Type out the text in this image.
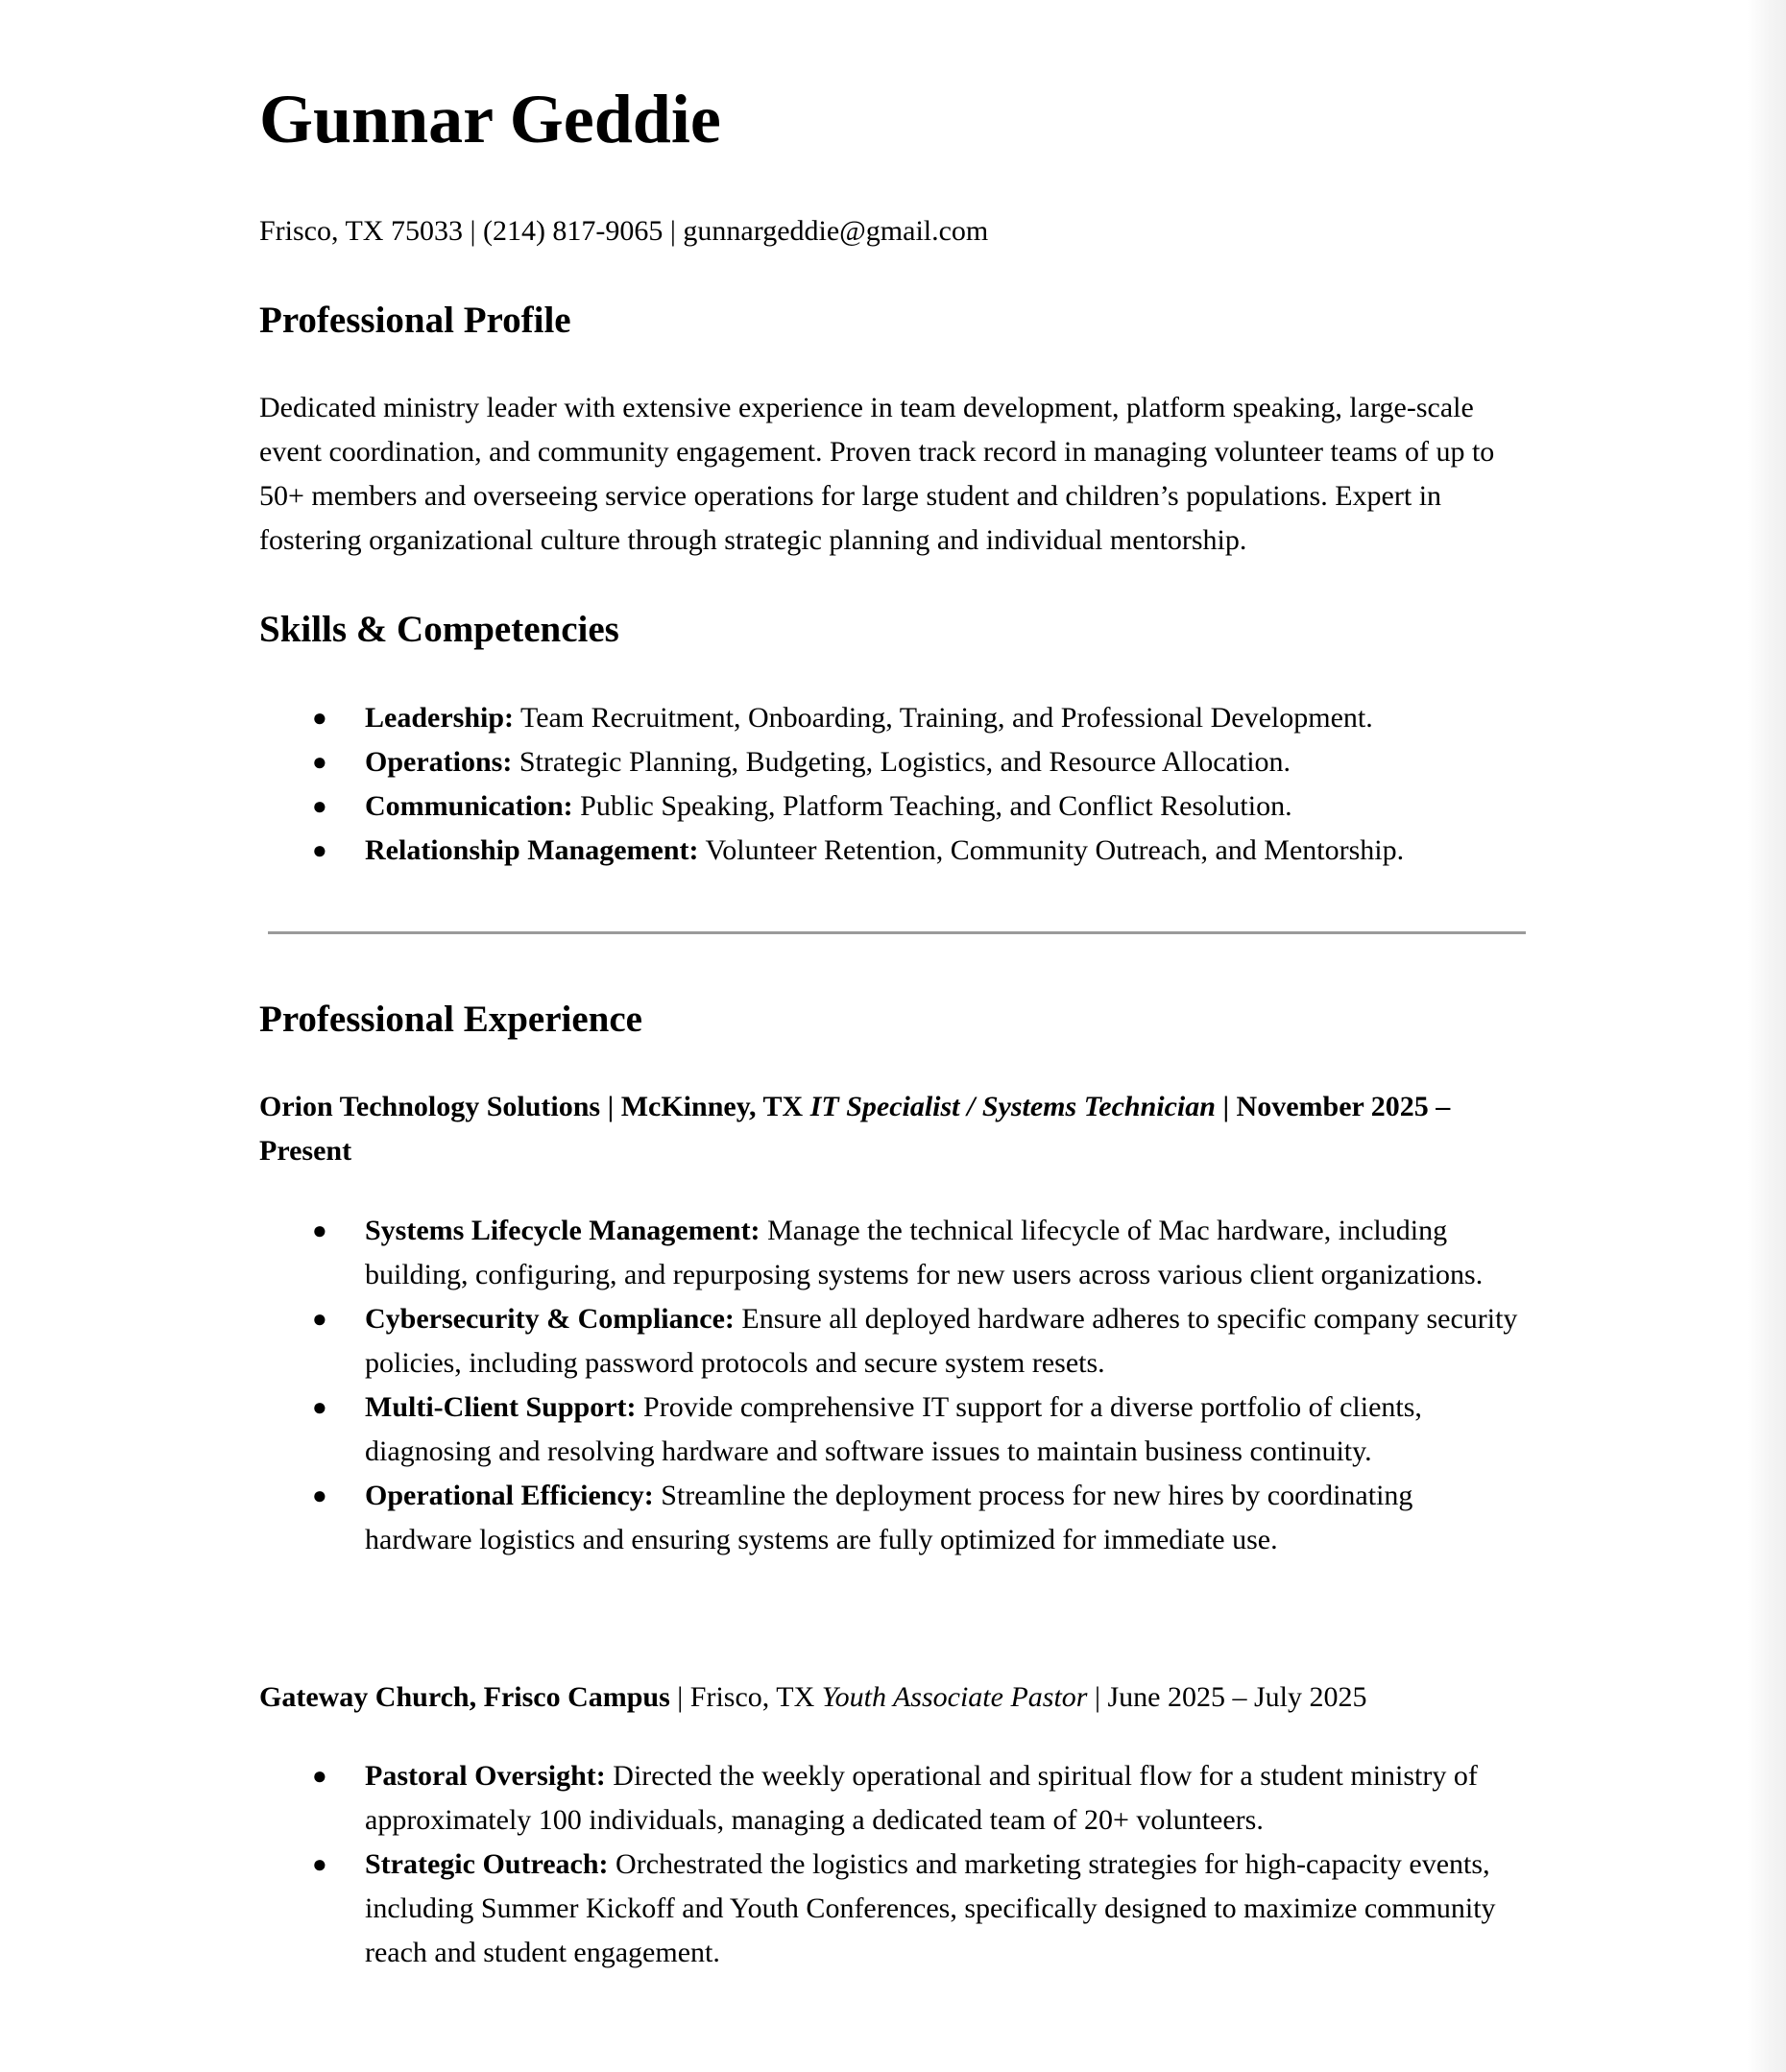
Gunnar Geddie
Frisco, TX 75033 | (214) 817-9065 | gunnargeddie@gmail.com
Professional Profile

Dedicated ministry leader with extensive experience in team development, platform speaking, large-scale event coordination, and community engagement. Proven track record in managing volunteer teams of up to 50+ members and overseeing service operations for large student and children’s populations. Expert in fostering organizational culture through strategic planning and individual mentorship.

Skills & Competencies
● Leadership: Team Recruitment, Onboarding, Training, and Professional Development.
● Operations: Strategic Planning, Budgeting, Logistics, and Resource Allocation.
● Communication: Public Speaking, Platform Teaching, and Conflict Resolution.
● Relationship Management: Volunteer Retention, Community Outreach, and Mentorship.
Professional Experience
Orion Technology Solutions | McKinney, TX IT Specialist / Systems Technician | November 2025 – Present
● Systems Lifecycle Management: Manage the technical lifecycle of Mac hardware, including building, configuring, and repurposing systems for new users across various client organizations.
● Cybersecurity & Compliance: Ensure all deployed hardware adheres to specific company security policies, including password protocols and secure system resets.
● Multi-Client Support: Provide comprehensive IT support for a diverse portfolio of clients, diagnosing and resolving hardware and software issues to maintain business continuity.
● Operational Efficiency: Streamline the deployment process for new hires by coordinating hardware logistics and ensuring systems are fully optimized for immediate use.
Gateway Church, Frisco Campus | Frisco, TX Youth Associate Pastor | June 2025 – July 2025
● Pastoral Oversight: Directed the weekly operational and spiritual flow for a student ministry of approximately 100 individuals, managing a dedicated team of 20+ volunteers.
● Strategic Outreach: Orchestrated the logistics and marketing strategies for high-capacity events, including Summer Kickoff and Youth Conferences, specifically designed to maximize community reach and student engagement.
